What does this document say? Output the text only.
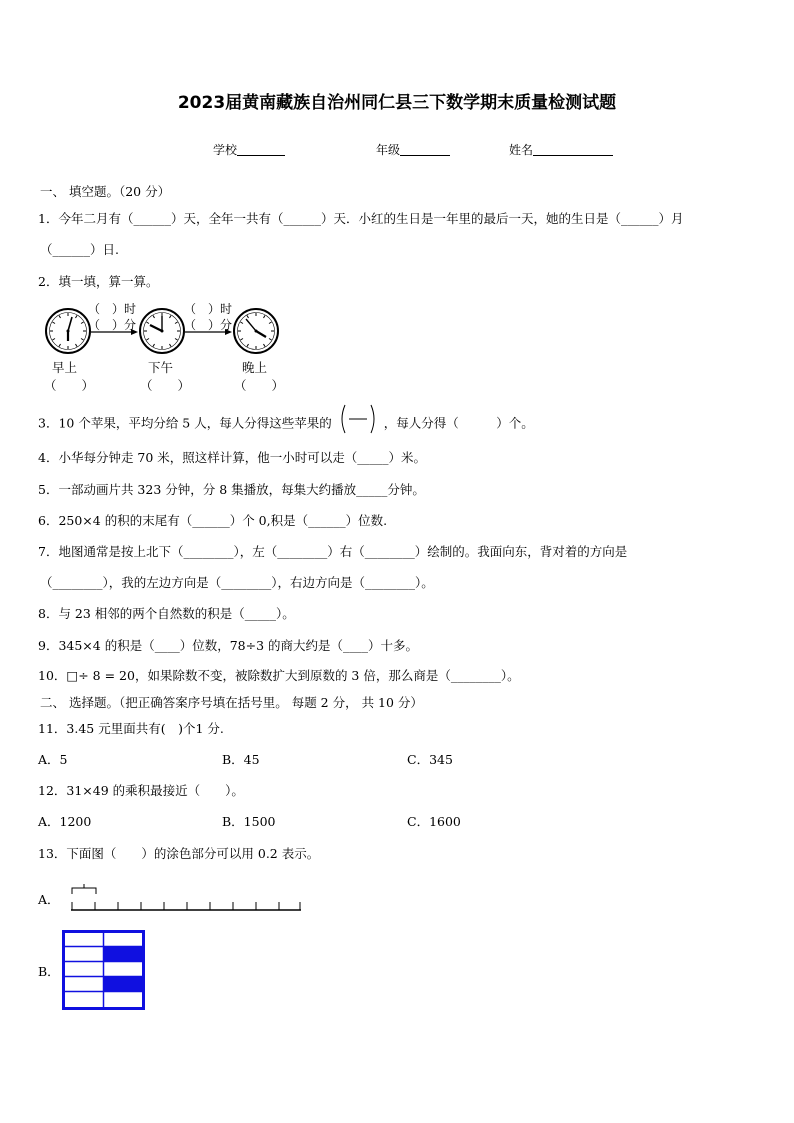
2023届黄南藏族自治州同仁县三下数学期末质量检测试题
学校	年级	姓名
一、 填空题。（20 分）
1．今年二月有（______）天，全年一共有（______）天．小红的生日是一年里的最后一天，她的生日是（______）月
（______）日.
2．填一填，算一算。
（　）时
（　）分
（　）时
（　）分
早上
（　　）
下午
（　　）
晚上
（　　）
3．10 个苹果，平均分给 5 人，每人分得这些苹果的	，每人分得（　　　）个。
4．小华每分钟走 70 米，照这样计算，他一小时可以走（_____）米。
5．一部动画片共 323 分钟，分 8 集播放，每集大约播放_____分钟。
6．250×4 的积的末尾有（______）个 0,积是（______）位数.
7．地图通常是按上北下（________），左（________）右（________）绘制的。我面向东，背对着的方向是
（________），我的左边方向是（________），右边方向是（________）。
8．与 23 相邻的两个自然数的积是（_____）。
9．345×4 的积是（____）位数，78÷3 的商大约是（____）十多。
10．□÷ 8 = 20，如果除数不变，被除数扩大到原数的 3 倍，那么商是（________）。
二、 选择题。（把正确答案序号填在括号里。 每题 2 分， 共 10 分）
11．3.45 元里面共有(　)个1 分.
A．5	B．45	C．345
12．31×49 的乘积最接近（　　）。
A．1200	B．1500	C．1600
13．下面图（　　）的涂色部分可以用 0.2 表示。
A．
B．
